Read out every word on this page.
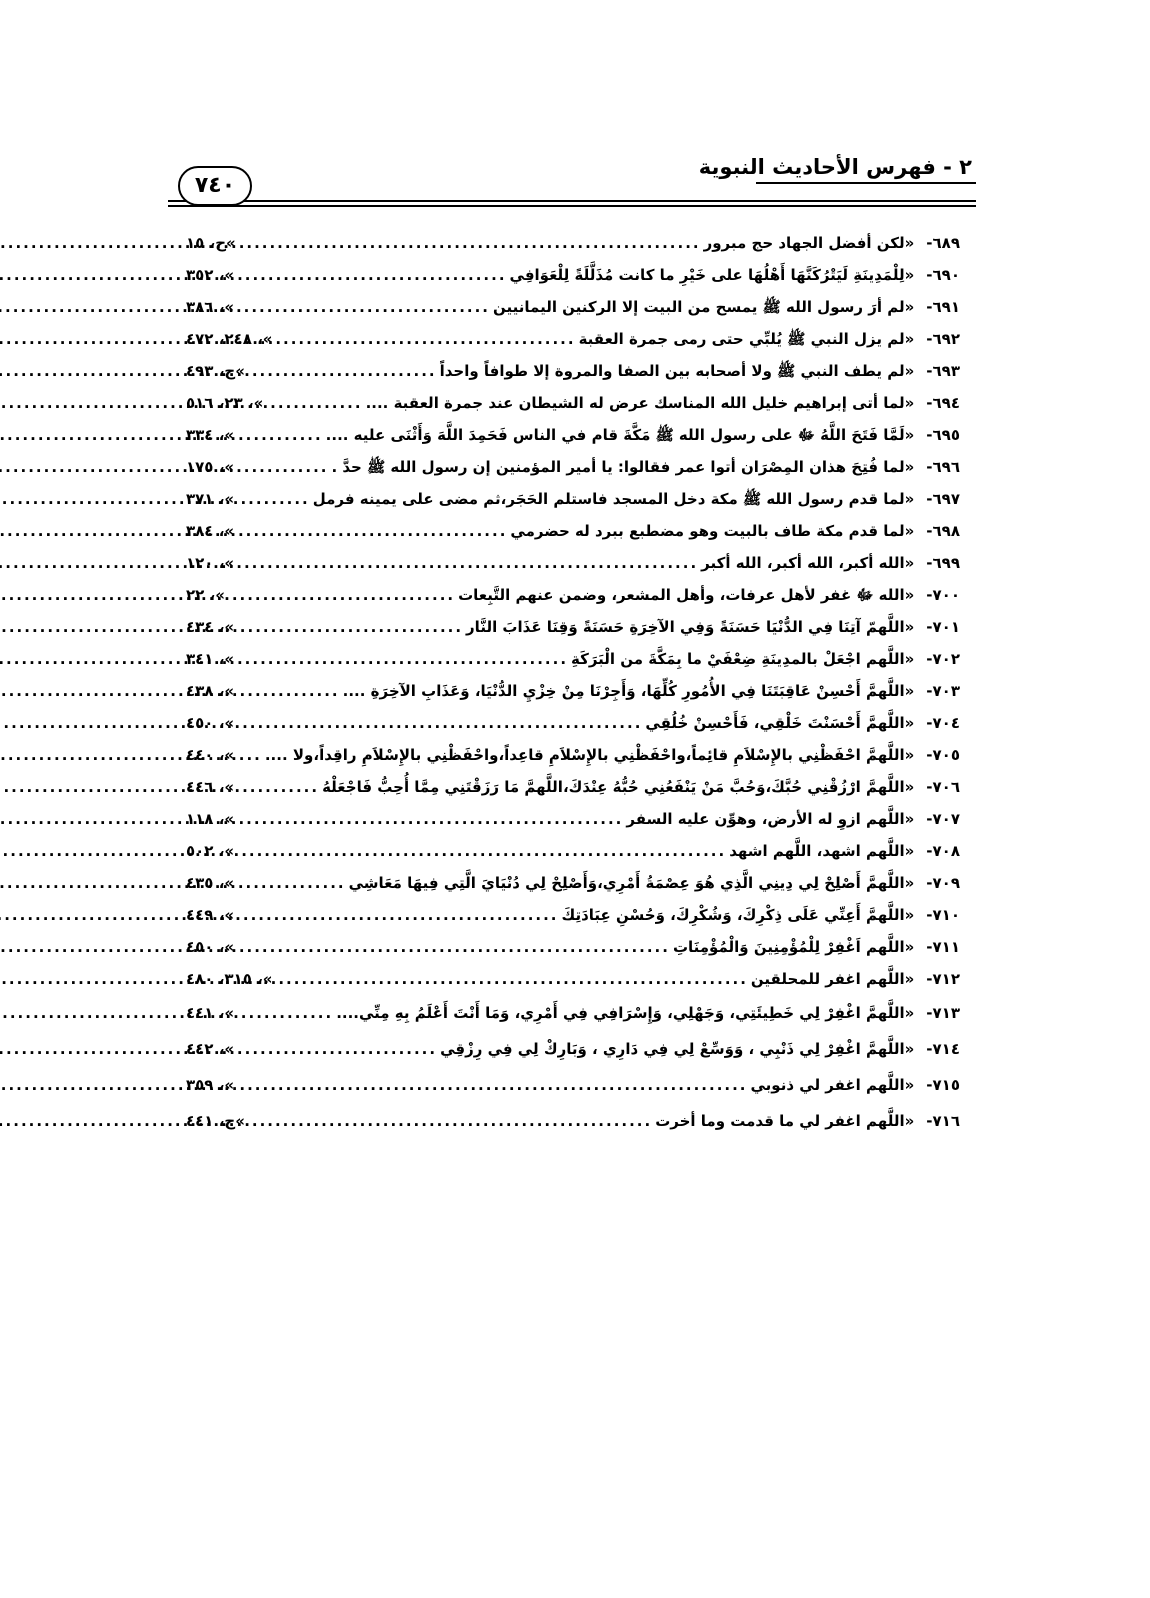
٢ - فهرس الأحاديث النبوية
٧٤٠
٦٨٩-
«لكن أفضل الجهاد حج مبرور
.....
»ح، ١٥
٦٩٠-
«لِلْمَدِينَةِ لَيَتْرُكَنَّهَا أَهْلُهَا على خَيْرِ ما كانت مُذَلَّلَةً لِلْعَوَافِي
.....
»، ٣٥٢
٦٩١-
«لم أرَ رسول الله ﷺ يمسح من البيت إلا الركنين اليمانيين
.....
»، ٣٨٦
٦٩٢-
«لم يزل النبي ﷺ يُلبِّي حتى رمى جمرة العقبة
.....
»، ٢٤٨، ٤٧٢
٦٩٣-
«لم يطف النبي ﷺ ولا أصحابه بين الصفا والمروة إلا طوافاً واحداً
.....
»ح، ٤٩٣
٦٩٤-
«لما أتى إبراهيم خليل الله المناسك عرض له الشيطان عند جمرة العقبة ....
.....
»، ٢٣، ٥١٦
٦٩٥-
«لَمَّا فَتَحَ اللَّهُ ﷻ على رسول الله ﷺ مَكَّةَ قام في الناس فَحَمِدَ اللَّهَ وَأَثْنَى عليه ....
.....
»، ٣٣٤
٦٩٦-
«لما فُتِحَ هذان المِصْرَان أتوا عمر فقالوا: يا أمير المؤمنين إن رسول الله ﷺ حدَّ .
.....
»، ١٧٥
٦٩٧-
«لما قدم رسول الله ﷺ مكة دخل المسجد فاستلم الحَجَر،ثم مضى على يمينه فرمل
.....
»، ٣٧١
٦٩٨-
«لما قدم مكة طاف بالبيت وهو مضطبع ببرد له حضرمي
.....
»، ٣٨٤
٦٩٩-
«الله أكبر، الله أكبر، الله أكبر
.....
»، ١٢٠
٧٠٠-
«الله ﷻ غفر لأهل عرفات، وأهل المشعر، وضمن عنهم التَّبِعات
.....
»، ٢٢
٧٠١-
«اللَّهمّ آتِنَا فِي الدُّنْيَا حَسَنَةً وَفِي الآخِرَةِ حَسَنَةً وَقِنَا عَذَابَ النَّار
.....
»، ٤٣٤
٧٠٢-
«اللَّهم اجْعَلْ بالمدِينَةِ ضِعْفَيْ ما بِمَكَّةَ من الْبَرَكَةِ
.....
»، ٣٤١
٧٠٣-
«اللَّهمَّ أَحْسِنْ عَاقِبَتَنَا فِي الأُمُورِ كُلِّهَا، وَأَجِرْنَا مِنْ خِزْيِ الدُّنْيَا، وَعَذَابِ الآخِرَةِ ....
.....
»، ٤٣٨
٧٠٤-
«اللَّهمَّ أَحْسَنْتَ خَلْقِي، فَأَحْسِنْ خُلُقِي
.....
»، ٤٥٠
٧٠٥-
«اللَّهمَّ احْفَظْنِي بالإِسْلاَمِ قائِماً،واحْفَظْنِي بالإِسْلاَمِ قاعِداً،واحْفَظْنِي بالإِسْلاَمِ راقِداً،ولا ....
.....
»، ٤٤٠
٧٠٦-
«اللَّهمَّ ارْزُقْنِي حُبَّكَ،وَحُبَّ مَنْ يَنْفَعُنِي حُبُّهُ عِنْدَكَ،اللَّهمَّ مَا رَزَقْتَنِي مِمَّا أُحِبُّ فَاجْعَلْهُ
.....
»، ٤٤٦
٧٠٧-
«اللَّهم ازوِ له الأرض، وهوِّن عليه السفر
.....
»، ١١٨
٧٠٨-
«اللَّهم اشهد، اللَّهم اشهد
.....
»، ٥٠٢
٧٠٩-
«اللَّهمَّ أَصْلِحْ لِي دِينِي الَّذِي هُوَ عِصْمَةُ أَمْرِي،وَأَصْلِحْ لِي دُنْيَايَ الَّتِي فِيهَا مَعَاشِي
.....
»، ٤٣٥
٧١٠-
«اللَّهمَّ أَعِنِّي عَلَى ذِكْرِكَ، وَشُكْرِكَ، وَحُسْنِ عِبَادَتِكَ
.....
»، ٤٤٩
٧١١-
«اللَّهم اَغْفِرْ لِلْمُؤْمِنِينَ وَالْمُؤْمِنَاتِ
.....
»، ٤٥٠
٧١٢-
«اللَّهم اغفر للمحلقين
.....
»، ٣١٥، ٤٨٠
٧١٣-
«اللَّهمَّ اغْفِرْ لِي خَطِيئَتِي، وَجَهْلِي، وَإِسْرَافِي فِي أَمْرِي، وَمَا أَنْتَ أَعْلَمُ بِهِ مِنِّي....
.....
»، ٤٤١
٧١٤-
«اللَّهمَّ اغْفِرْ لِي ذَنْبِي ، وَوَسِّعْ لِي فِي دَارِي ، وَبَارِكْ لِي فِي رِزْقِي
.....
»، ٤٤٢
٧١٥-
«اللَّهم اغفر لي ذنوبي
.....
»، ٣٥٩
٧١٦-
«اللَّهم اغفر لي ما قدمت وما أخرت
.....
»ح، ٤٤١
